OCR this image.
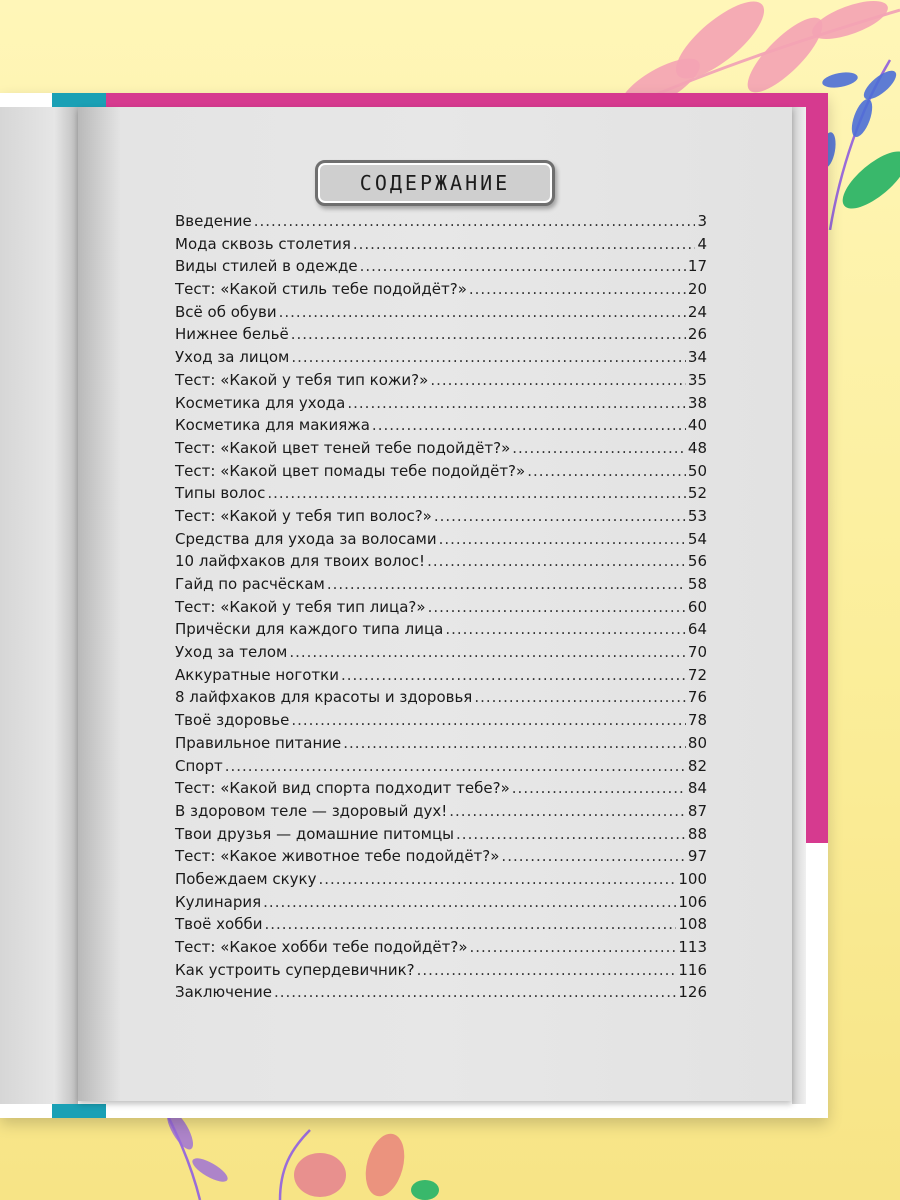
СОДЕРЖАНИЕ
Введение .....	3
Мода сквозь столетия .....	4
Виды стилей в одежде .....	17
Тест: «Какой стиль тебе подойдёт?» .....	20
Всё об обуви .....	24
Нижнее бельё .....	26
Уход за лицом .....	34
Тест: «Какой у тебя тип кожи?» .....	35
Косметика для ухода .....	38
Косметика для макияжа .....	40
Тест: «Какой цвет теней тебе подойдёт?» .....	48
Тест: «Какой цвет помады тебе подойдёт?» .....	50
Типы волос .....	52
Тест: «Какой у тебя тип волос?» .....	53
Средства для ухода за волосами .....	54
10 лайфхаков для твоих волос! .....	56
Гайд по расчёскам .....	58
Тест: «Какой у тебя тип лица?» .....	60
Причёски для каждого типа лица .....	64
Уход за телом .....	70
Аккуратные ноготки .....	72
8 лайфхаков для красоты и здоровья .....	76
Твоё здоровье .....	78
Правильное питание .....	80
Спорт .....	82
Тест: «Какой вид спорта подходит тебе?» .....	84
В здоровом теле — здоровый дух! .....	87
Твои друзья — домашние питомцы .....	88
Тест: «Какое животное тебе подойдёт?» .....	97
Побеждаем скуку .....	100
Кулинария .....	106
Твоё хобби .....	108
Тест: «Какое хобби тебе подойдёт?» .....	113
Как устроить супердевичник? .....	116
Заключение .....	126
